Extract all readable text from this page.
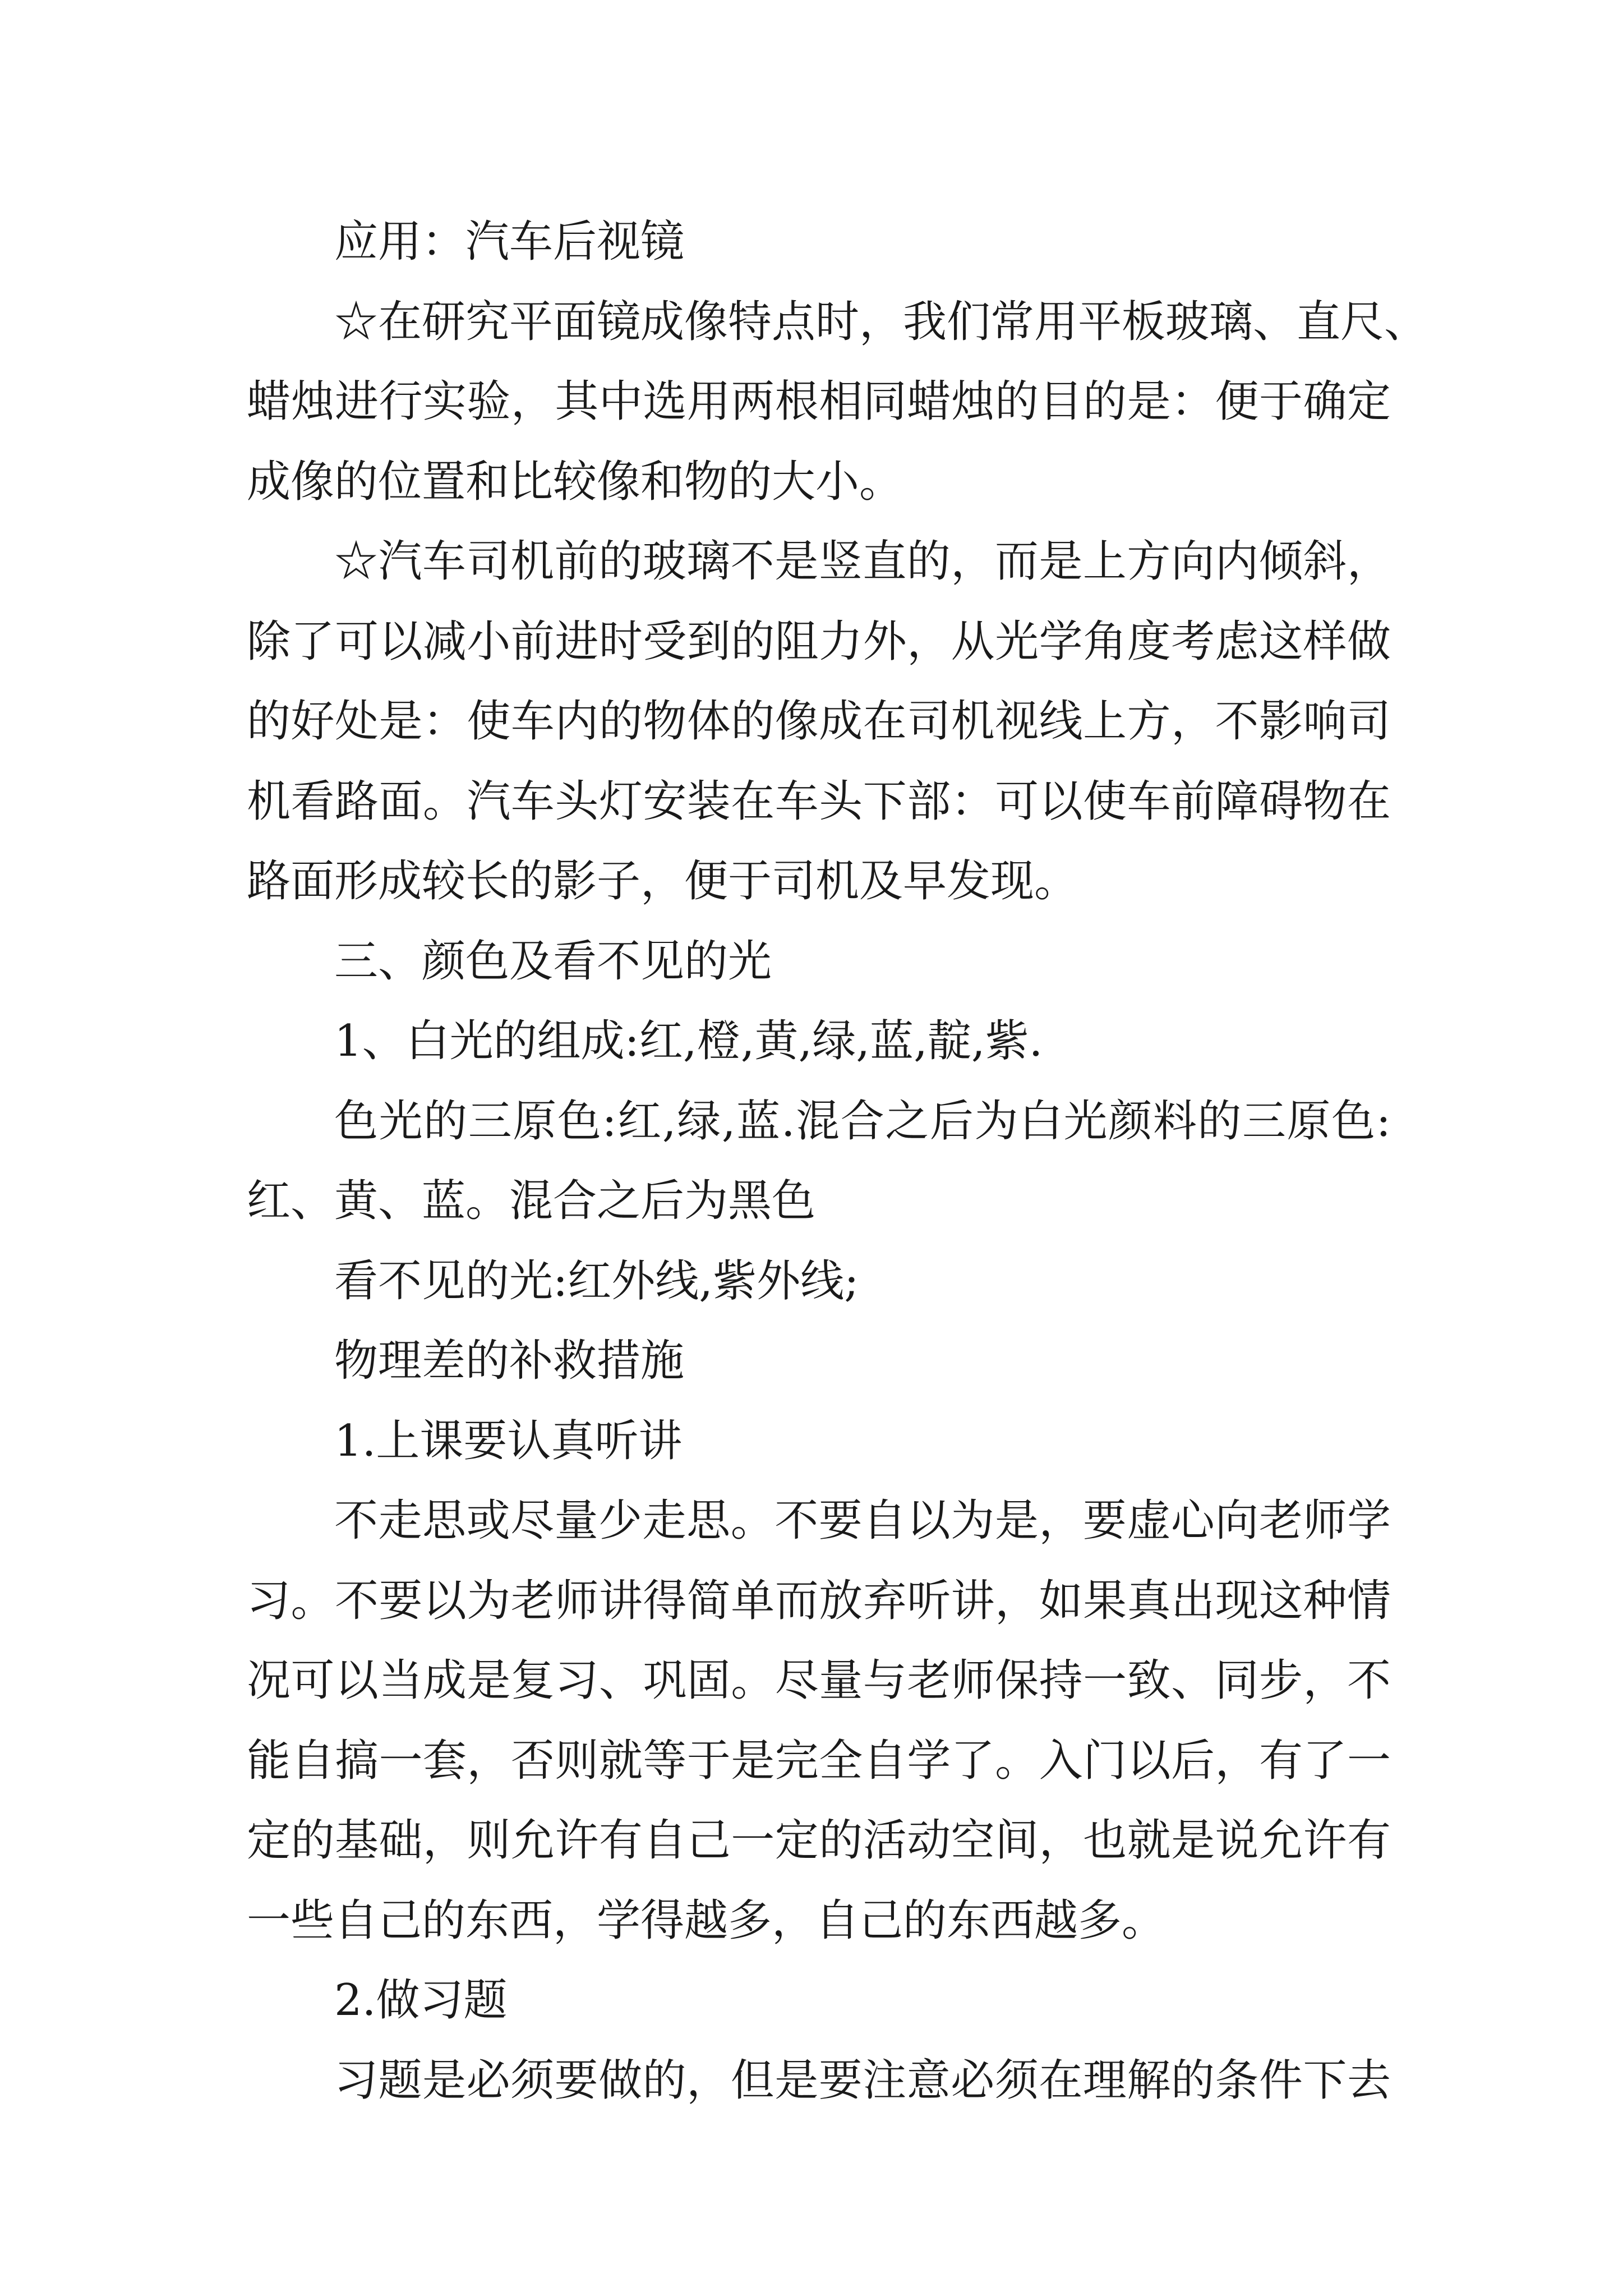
应用：汽车后视镜
☆在研究平面镜成像特点时，我们常用平板玻璃、直尺、
蜡烛进行实验，其中选用两根相同蜡烛的目的是：便于确定
成像的位置和比较像和物的大小。
☆汽车司机前的玻璃不是竖直的，而是上方向内倾斜，
除了可以减小前进时受到的阻力外，从光学角度考虑这样做
的好处是：使车内的物体的像成在司机视线上方，不影响司
机看路面。汽车头灯安装在车头下部：可以使车前障碍物在
路面形成较长的影子，便于司机及早发现。
三、颜色及看不见的光
1、白光的组成:红,橙,黄,绿,蓝,靛,紫.
色光的三原色:红,绿,蓝.混合之后为白光颜料的三原色:
红、黄、蓝。混合之后为黑色
看不见的光:红外线,紫外线;
物理差的补救措施
1.上课要认真听讲
不走思或尽量少走思。不要自以为是，要虚心向老师学
习。不要以为老师讲得简单而放弃听讲，如果真出现这种情
况可以当成是复习、巩固。尽量与老师保持一致、同步，不
能自搞一套，否则就等于是完全自学了。入门以后，有了一
定的基础，则允许有自己一定的活动空间，也就是说允许有
一些自己的东西，学得越多，自己的东西越多。
2.做习题
习题是必须要做的，但是要注意必须在理解的条件下去
